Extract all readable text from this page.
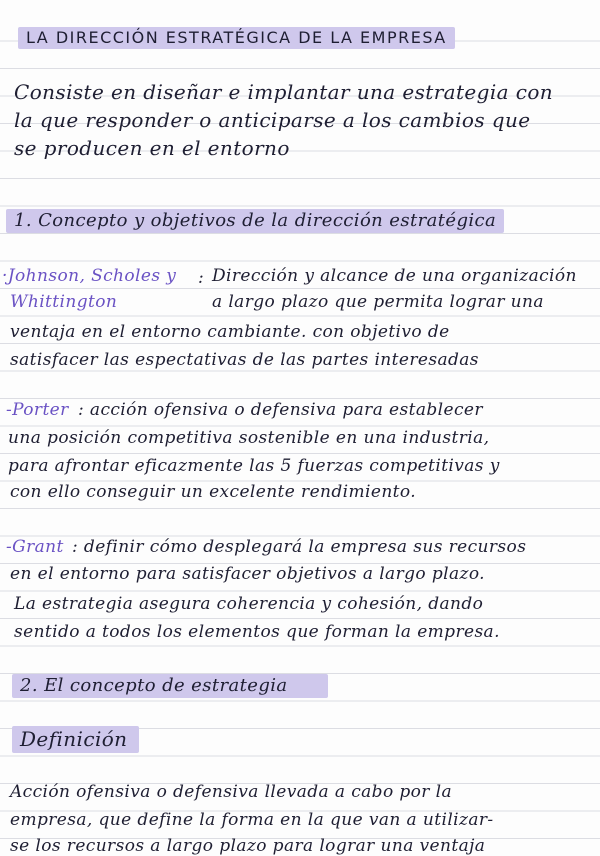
LA DIRECCIÓN ESTRATÉGICA DE LA EMPRESA
Consiste en diseñar e implantar una estrategia con
la que responder o anticiparse a los cambios que
se producen en el entorno
1. Concepto y objetivos de la dirección estratégica
·Johnson, Scholes y
Whittington
: Dirección y alcance de una organización
a largo plazo que permita lograr una
ventaja en el entorno cambiante. con objetivo de
satisfacer las espectativas de las partes interesadas
-Porter : acción ofensiva o defensiva para establecer
una posición competitiva sostenible en una industria,
para afrontar eficazmente las 5 fuerzas competitivas y
con ello conseguir un excelente rendimiento.
-Grant : definir cómo desplegará la empresa sus recursos
en el entorno para satisfacer objetivos a largo plazo.
La estrategia asegura coherencia y cohesión, dando
sentido a todos los elementos que forman la empresa.
2. El concepto de estrategia
Definición
Acción ofensiva o defensiva llevada a cabo por la
empresa, que define la forma en la que van a utilizar-
se los recursos a largo plazo para lograr una ventaja
